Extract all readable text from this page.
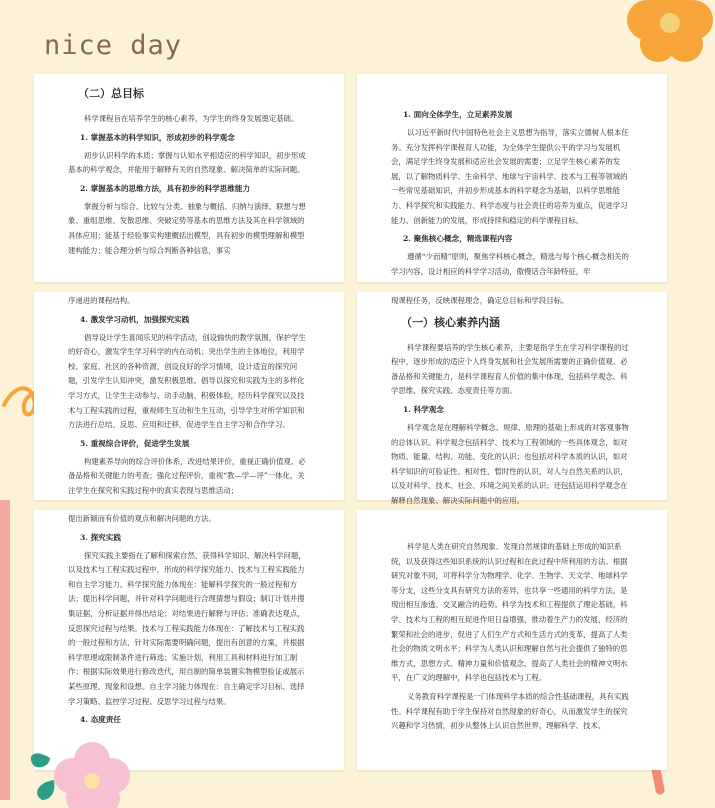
nice day
（二）总目标

科学课程旨在培养学生的核心素养，为学生的终身发展奠定基础。

1. 掌握基本的科学知识，形成初步的科学观念

初步认识科学的本质；掌握与认知水平相适应的科学知识，初步形成基本的科学观念，并能用于解释有关的自然现象、解决简单的实际问题。

2. 掌握基本的思维方法，具有初步的科学思维能力

掌握分析与综合、比较与分类、抽象与概括、归纳与演绎、联想与想象、重组思维、发散思维、突破定势等基本的思维方法及其在科学领域的具体应用；能基于经验事实构建概括出模型，具有初步的模型理解和模型建构能力；能合理分析与综合判断各种信息，事实

1. 面向全体学生，立足素养发展

以习近平新时代中国特色社会主义思想为指导，落实立德树人根本任务。充分发挥科学课程育人功能，为全体学生提供公平的学习与发展机会，满足学生终身发展和适应社会发展的需要；立足学生核心素养的发展，以了解物质科学、生命科学、地球与宇宙科学、技术与工程等领域的一些常见基础知识，并初步形成基本的科学观念为基础，以科学思维能力、科学探究和实践能力、科学态度与社会责任的培养为重点，促进学习能力、创新能力的发展，形成持续和稳定的科学课程目标。

2. 聚焦核心概念，精选课程内容

遵循“少而精”原则，聚焦学科核心概念，精选与每个核心概念相关的学习内容，设计相应的科学学习活动，傲慢话合年龄特征，牢

序递进的课程结构。

4. 激发学习动机，加强探究实践

倡导设计学生喜闻乐见的科学活动，创设愉快的教学氛围，保护学生的好奇心，激发学生学习科学的内在动机；突出学生的主体地位，利用学校、家庭、社区的各种资源，创设良好的学习情境，设计适宜的探究问题，引发学生认知冲突，激发积极思维。倡导以探究和实践为主的多样化学习方式，让学生主动参与、动手动脑、积极体验，经历科学探究以及技术与工程实践的过程，重视师生互动和生生互动，引导学生对所学知识和方法进行总结、反思、应用和迁移，促进学生自主学习和合作学习。

5. 重视综合评价，促进学生发展

构建素养导向的综合评价体系，改进结果评价，重视正确价值观、必备品格和关键能力的考查；强化过程评价，重视“教—学—评”一体化，关注学生在探究和实践过程中的真实表现与思维活动；

现课程任务，反映课程理念，确定总目标和学段目标。

（一）核心素养内涵

科学课程要培养的学生核心素养，主要是指学生在学习科学课程的过程中，逐步形成的适应个人终身发展和社会发展所需要的正确价值观、必备品格和关键能力，是科学课程育人价值的集中体现，包括科学观念、科学思维、探究实践、态度责任等方面。

1. 科学观念

科学观念是在理解科学概念、规律、原理的基础上形成的对客观事物的总体认识。科学观念包括科学、技术与工程领域的一些具体观念，如对物质、能量、结构、功能、变化的认识；也包括对科学本质的认识，如对科学知识的可验证性、相对性、暂时性的认识，对人与自然关系的认识，以及对科学、技术、社会、环境之间关系的认识；还包括运用科学观念在解释自然现象、解决实际问题中的应用。

提出新颖而有价值的观点和解决问题的方法。

3. 探究实践

探究实践主要指在了解和探索自然、获得科学知识、解决科学问题，以及技术与工程实践过程中，形成的科学探究能力、技术与工程实践能力和自主学习能力。科学探究能力体现在：能解科学探究的一般过程和方法；提出科学问题，并针对科学问题进行合理猜想与假设；制订计划并搜集证据，分析证据并得出结论；对结果进行解释与评估；准确表达观点，反思探究过程与结果。技术与工程实践能力体现在：了解技术与工程实践的一般过程和方法，针对实际需要明确问题，提出有创意的方案，并根据科学原理或限制条件进行筛选；实施计划，利用工具和材料进行加工制作；根据实际效果进行修改迭代，用自制的简单装置实物模型验证或展示某些原理、现象和设想。自主学习能力体现在：自主确定学习目标、选择学习策略、监控学习过程、反思学习过程与结果。

4. 态度责任

科学是人类在研究自然现象、发现自然规律的基础上形成的知识系统，以及获得这些知识系统的认识过程和在此过程中所利用的方法。根据研究对象不同，可将科学分为物理学、化学、生物学、天文学、地球科学等分支，这些分支具有研究方法的差异，也共享一些通用的科学方法，是现出相互渗透、交叉融合的趋势。科学为技术和工程提供了理论基础，科学、技术与工程的相互促进作用日益增强，推动着生产力的发展，经济的繁荣和社会的进步，促进了人们生产方式和生活方式的变革，提高了人类社会的物质文明水平；科学为人类认识和理解自然与社会提供了独特的思维方式，思想方式、精神力量和价值观念，提高了人类社会的精神文明水平，在广义的理解中，科学也包括技术与工程。

义务教育科学课程是一门体现科学本质的综合性基础课程，具有实践性。科学课程有助于学生保持对自然现象的好奇心，从而激发学生的探究兴趣和学习热情，初步从整体上认识自然世界，理解科学、技术、
